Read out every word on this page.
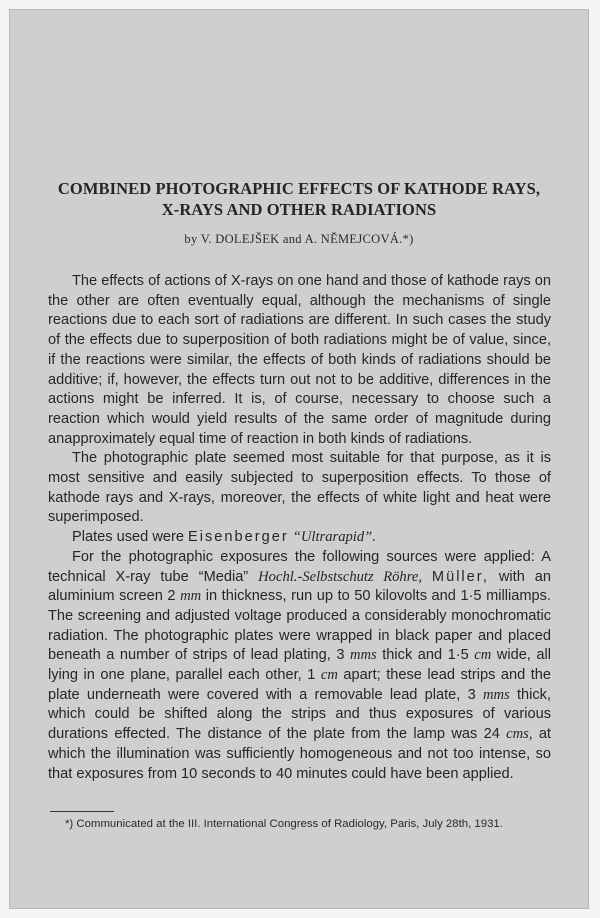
COMBINED PHOTOGRAPHIC EFFECTS OF KATHODE RAYS,
X-RAYS AND OTHER RADIATIONS
by V. DOLEJŠEK and A. NĚMEJCOVÁ.*)

The effects of actions of X-rays on one hand and those of kathode rays on the other are often eventually equal, although the mechanisms of single reactions due to each sort of radiations are different. In such cases the study of the effects due to superposition of both radiations might be of value, since, if the reactions were similar, the effects of both kinds of radiations should be additive; if, however, the effects turn out not to be additive, differences in the actions might be inferred. It is, of course, necessary to choose such a reaction which would yield results of the same order of magnitude during anapproximately equal time of reaction in both kinds of radiations.

The photographic plate seemed most suitable for that purpose, as it is most sensitive and easily subjected to superposition effects. To those of kathode rays and X-rays, moreover, the effects of white light and heat were superimposed.

Plates used were Eisenberger “Ultrarapid”.

For the photographic exposures the following sources were applied: A technical X-ray tube “Media” Hochl.-Selbstschutz Röhre, Müller, with an aluminium screen 2 mm in thickness, run up to 50 kilovolts and 1·5 milliamps. The screening and adjusted voltage produced a considerably monochromatic radiation. The photographic plates were wrapped in black paper and placed beneath a number of strips of lead plating, 3 mms thick and 1·5 cm wide, all lying in one plane, parallel each other, 1 cm apart; these lead strips and the plate underneath were covered with a removable lead plate, 3 mms thick, which could be shifted along the strips and thus exposures of various durations effected. The distance of the plate from the lamp was 24 cms, at which the illumination was sufficiently homogeneous and not too intense, so that exposures from 10 seconds to 40 minutes could have been applied.

*) Communicated at the III. International Congress of Radiology, Paris, July 28th, 1931.
